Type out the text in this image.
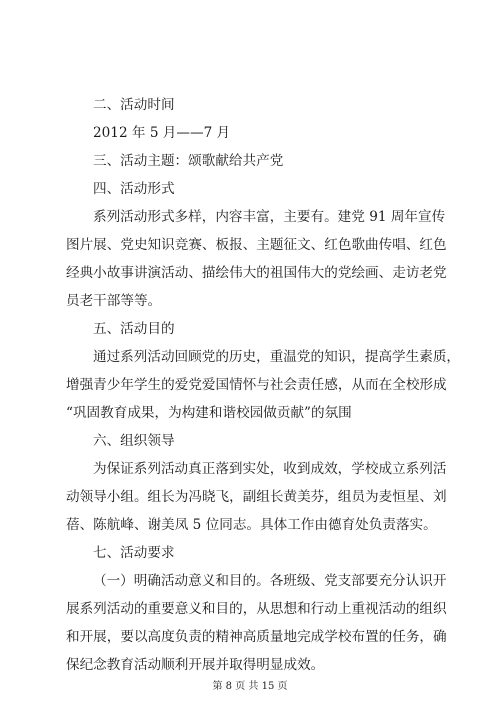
二、活动时间
2012 年 5 月——7 月
三、活动主题：颂歌献给共产党
四、活动形式
系列活动形式多样，内容丰富，主要有。建党 91 周年宣传
图片展、党史知识竞赛、板报、主题征文、红色歌曲传唱、红色
经典小故事讲演活动、描绘伟大的祖国伟大的党绘画、走访老党
员老干部等等。
五、活动目的
通过系列活动回顾党的历史，重温党的知识，提高学生素质，
增强青少年学生的爱党爱国情怀与社会责任感，从而在全校形成
“巩固教育成果，为构建和谐校园做贡献”的氛围
六、组织领导
为保证系列活动真正落到实处，收到成效，学校成立系列活
动领导小组。组长为冯晓飞，副组长黄美芬，组员为麦恒星、刘
蓓、陈航峰、谢美凤 5 位同志。具体工作由德育处负责落实。
七、活动要求
（一）明确活动意义和目的。各班级、党支部要充分认识开
展系列活动的重要意义和目的，从思想和行动上重视活动的组织
和开展，要以高度负责的精神高质量地完成学校布置的任务，确
保纪念教育活动顺利开展并取得明显成效。
第 8 页 共 15 页
